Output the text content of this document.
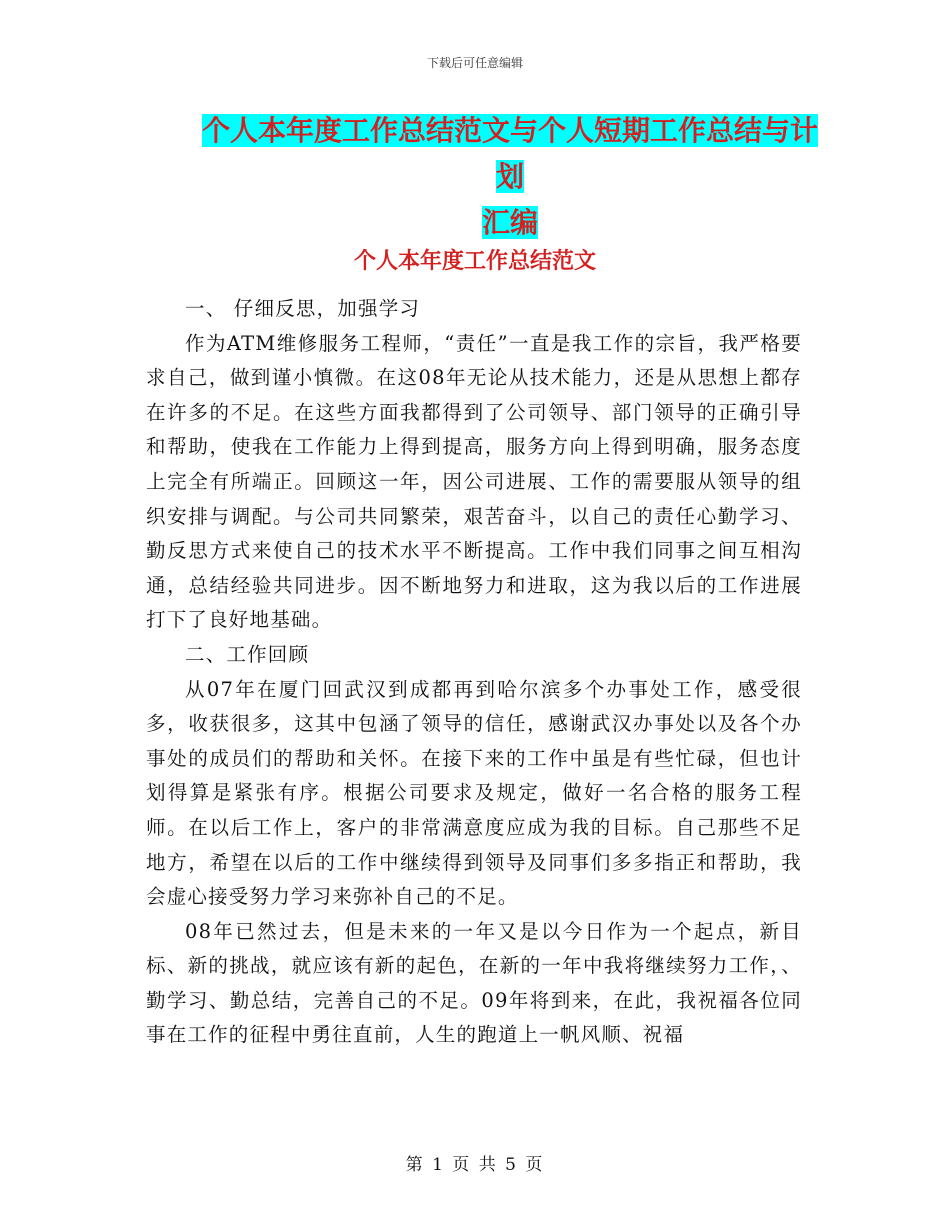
下载后可任意编辑
个人本年度工作总结范文与个人短期工作总结与计划
汇编
个人本年度工作总结范文

一、 仔细反思，加强学习

作为ATM维修服务工程师，“责任”一直是我工作的宗旨，我严格要求自己，做到谨小慎微。在这08年无论从技术能力，还是从思想上都存在许多的不足。在这些方面我都得到了公司领导、部门领导的正确引导和帮助，使我在工作能力上得到提高，服务方向上得到明确，服务态度上完全有所端正。回顾这一年，因公司进展、工作的需要服从领导的组织安排与调配。与公司共同繁荣，艰苦奋斗，以自己的责任心勤学习、勤反思方式来使自己的技术水平不断提高。工作中我们同事之间互相沟通，总结经验共同进步。因不断地努力和进取，这为我以后的工作进展打下了良好地基础。

二、工作回顾

从07年在厦门回武汉到成都再到哈尔滨多个办事处工作，感受很多，收获很多，这其中包涵了领导的信任，感谢武汉办事处以及各个办事处的成员们的帮助和关怀。在接下来的工作中虽是有些忙碌，但也计划得算是紧张有序。根据公司要求及规定，做好一名合格的服务工程师。在以后工作上，客户的非常满意度应成为我的目标。自己那些不足地方，希望在以后的工作中继续得到领导及同事们多多指正和帮助，我会虚心接受努力学习来弥补自己的不足。

08年已然过去，但是未来的一年又是以今日作为一个起点，新目标、新的挑战，就应该有新的起色，在新的一年中我将继续努力工作，、勤学习、勤总结，完善自己的不足。09年将到来，在此，我祝福各位同事在工作的征程中勇往直前，人生的跑道上一帆风顺、祝福

第 1 页 共 5 页
